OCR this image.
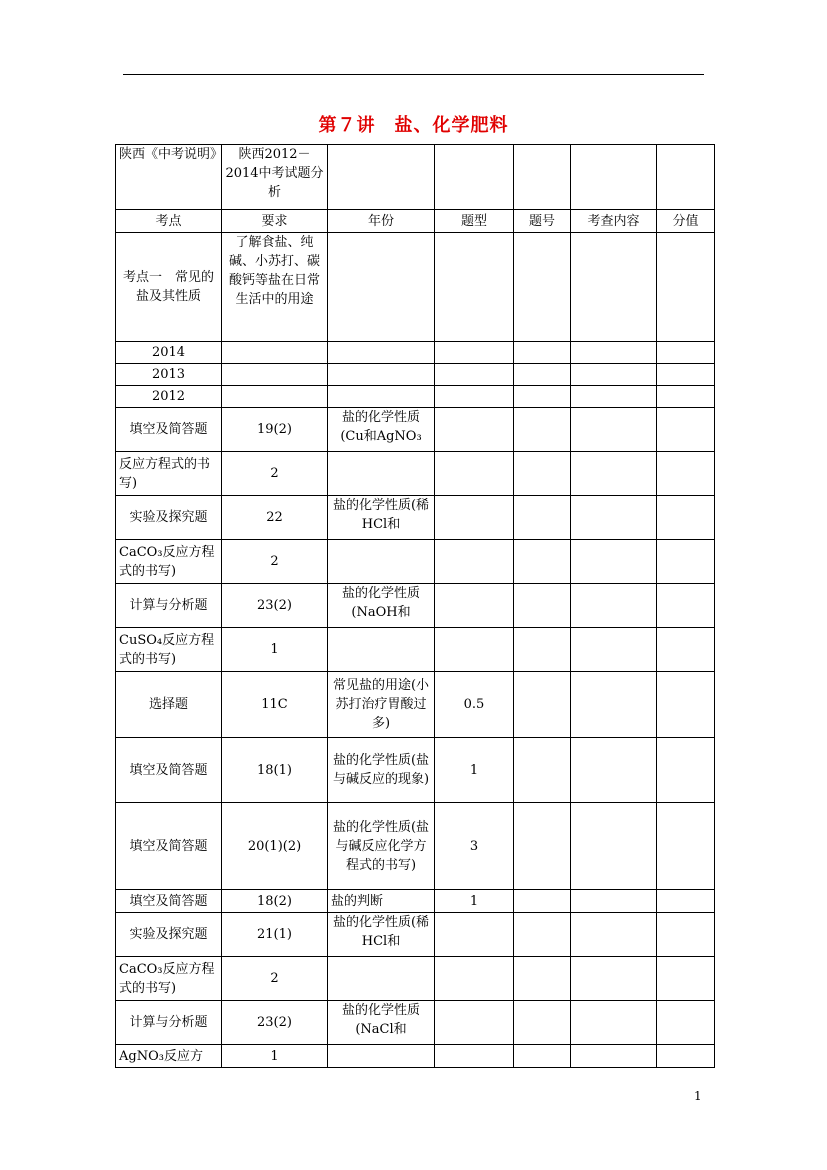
第７讲　盐、化学肥料
陕西《中考说明》	陕西2012－2014中考试题分析					
考点	要求	年份	题型	题号	考查内容	分值
考点一　常见的盐及其性质	了解食盐、纯碱、小苏打、碳酸钙等盐在日常生活中的用途					
2014						
2013						
2012						
填空及简答题	19(2)	盐的化学性质(Cu和AgNO₃				
反应方程式的书写)	2					
实验及探究题	22	盐的化学性质(稀HCl和				
CaCO₃反应方程式的书写)	2					
计算与分析题	23(2)	盐的化学性质(NaOH和				
CuSO₄反应方程式的书写)	1					
选择题	11C	常见盐的用途(小苏打治疗胃酸过多)	0.5			
填空及简答题	18(1)	盐的化学性质(盐与碱反应的现象)	1			
填空及简答题	20(1)(2)	盐的化学性质(盐与碱反应化学方程式的书写)	3			
填空及简答题	18(2)	盐的判断	1			
实验及探究题	21(1)	盐的化学性质(稀HCl和				
CaCO₃反应方程式的书写)	2					
计算与分析题	23(2)	盐的化学性质(NaCl和				
AgNO₃反应方	1					
1
